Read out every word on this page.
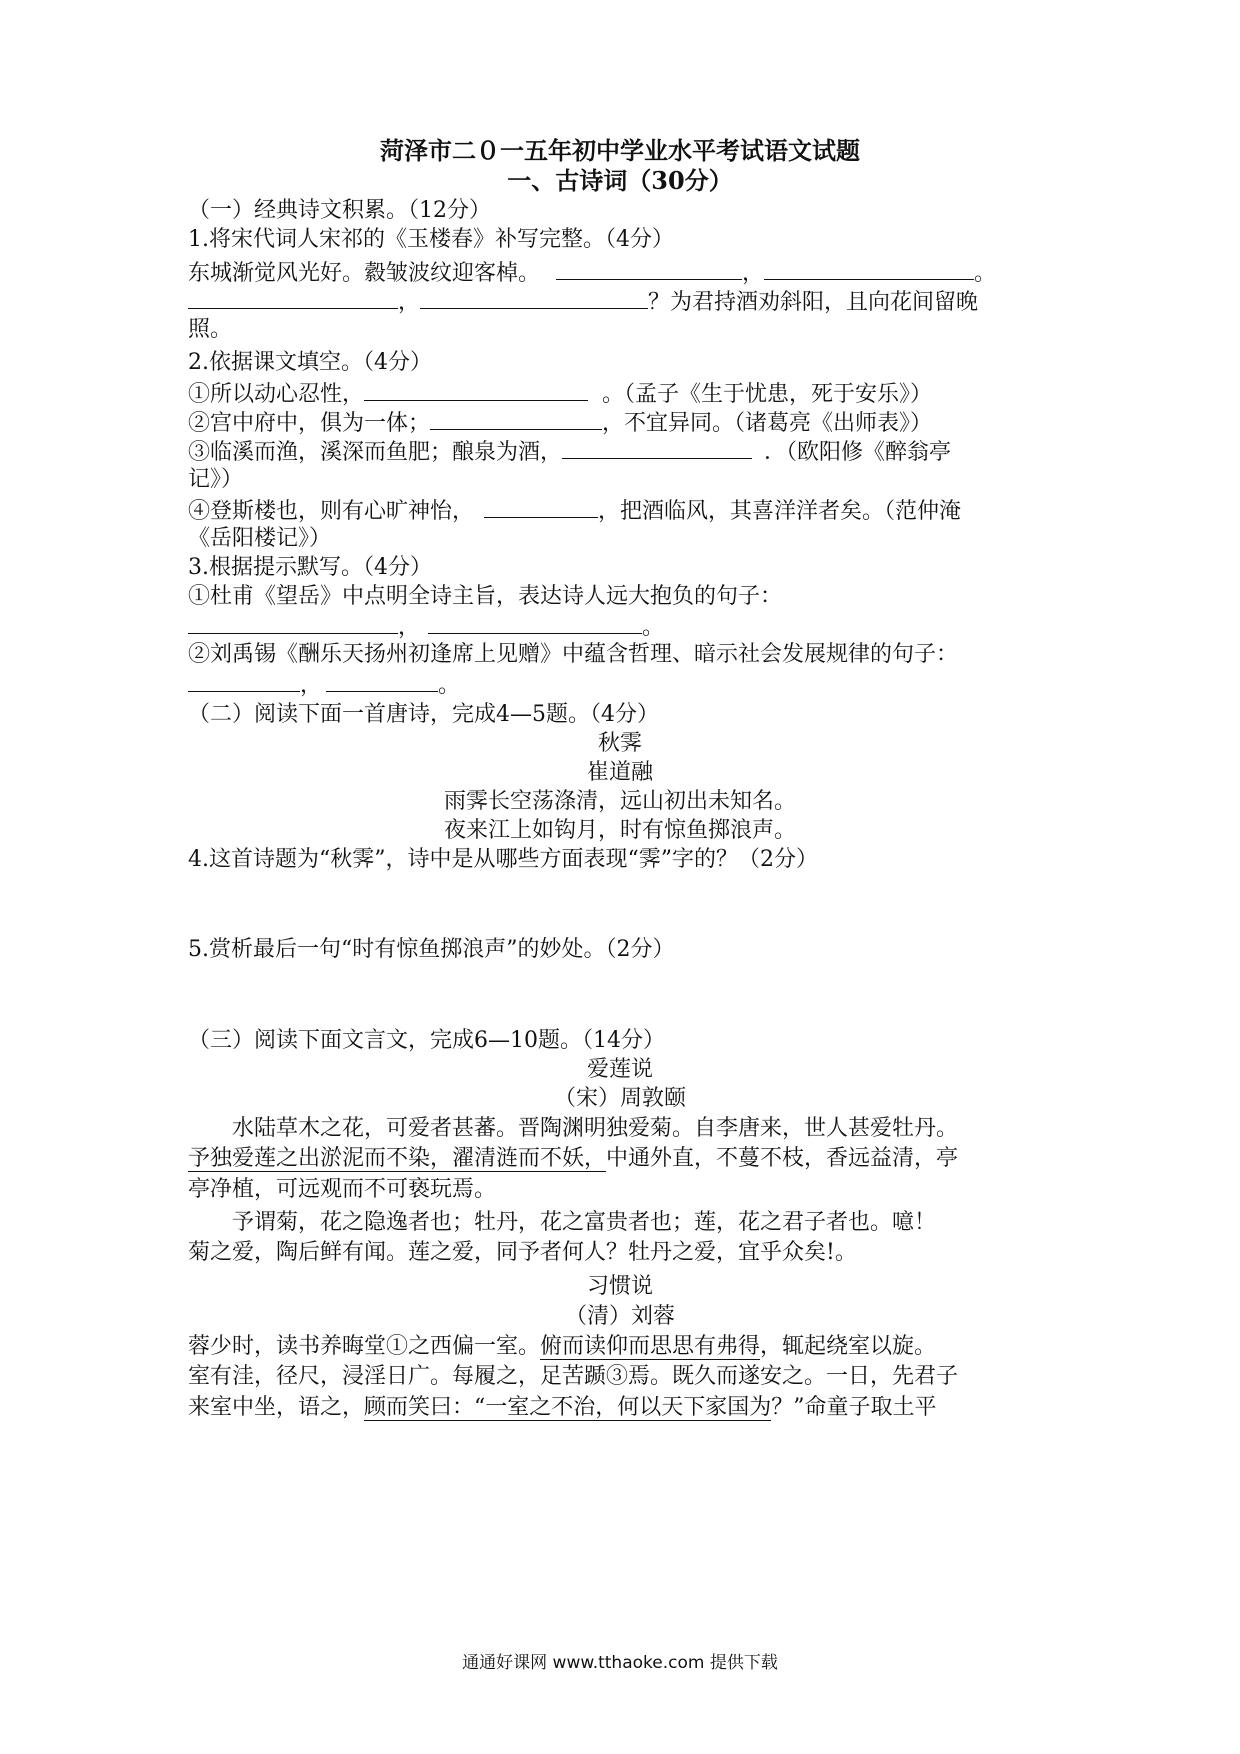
菏泽市二０一五年初中学业水平考试语文试题
一、古诗词（30分）
（一）经典诗文积累。（12分）
1.将宋代词人宋祁的《玉楼春》补写完整。（4分）
东城渐觉风光好。縠皱波纹迎客棹。	，	。
，	？为君持酒劝斜阳，且向花间留晚
照。
2.依据课文填空。（4分）
①所以动心忍性，	。（孟子《生于忧患，死于安乐》）
②宫中府中，俱为一体；	，不宜异同。（诸葛亮《出师表》）
③临溪而渔，溪深而鱼肥；酿泉为酒，	．（欧阳修《醉翁亭
记》）
④登斯楼也，则有心旷神怡，	，把酒临风，其喜洋洋者矣。（范仲淹
《岳阳楼记》）
3.根据提示默写。（4分）
①杜甫《望岳》中点明全诗主旨，表达诗人远大抱负的句子：
，	。
②刘禹锡《酬乐天扬州初逢席上见赠》中蕴含哲理、暗示社会发展规律的句子：
，	。
（二）阅读下面一首唐诗，完成4—5题。（4分）
秋霁
崔道融
雨霁长空荡涤清，远山初出未知名。
夜来江上如钩月，时有惊鱼掷浪声。
4.这首诗题为“秋霁”，诗中是从哪些方面表现“霁”字的？（2分）
5.赏析最后一句“时有惊鱼掷浪声”的妙处。（2分）
（三）阅读下面文言文，完成6—10题。（14分）
爱莲说
（宋）周敦颐
水陆草木之花，可爱者甚蕃。晋陶渊明独爱菊。自李唐来，世人甚爱牡丹。
予独爱莲之出淤泥而不染，濯清涟而不妖，中通外直，不蔓不枝，香远益清，亭
亭净植，可远观而不可亵玩焉。
予谓菊，花之隐逸者也；牡丹，花之富贵者也；莲，花之君子者也。噫！
菊之爱，陶后鲜有闻。莲之爱，同予者何人？牡丹之爱，宜乎众矣!。
习惯说
（清）刘蓉
蓉少时，读书养晦堂①之西偏一室。俯而读仰而思思有弗得，辄起绕室以旋。
室有洼，径尺，浸淫日广。每履之，足苦踬③焉。既久而遂安之。一日，先君子
来室中坐，语之，顾而笑曰：“一室之不治，何以天下家国为？”命童子取土平
通通好课网 www.tthaoke.com 提供下载
